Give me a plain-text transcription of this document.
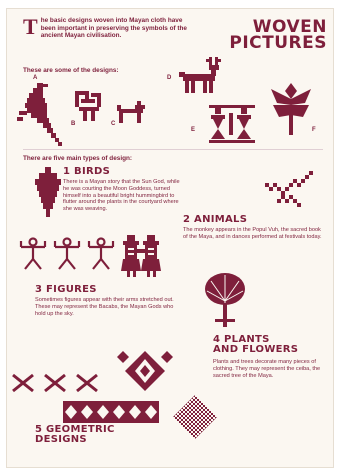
T he basic designs woven into Mayan cloth have been important in preserving the symbols of the ancient Mayan civilisation.	WOVEN
PICTURES
These are some of the designs:
A
B	C
D
E	F
There are five main types of design:
1 BIRDS

There is a Mayan story that the Sun God, while he was courting the Moon Goddess, turned himself into a beautiful bright hummingbird to flutter around the plants in the courtyard where she was weaving.

2 ANIMALS

The monkey appears in the Popul Vuh, the sacred book of the Maya, and in dances performed at festivals today.

3 FIGURES

Sometimes figures appear with their arms stretched out. These may represent the Bacabs, the Mayan Gods who hold up the sky.

4 PLANTS
AND FLOWERS

Plants and trees decorate many pieces of clothing. They may represent the ceiba, the sacred tree of the Maya.

5 GEOMETRIC
DESIGNS
